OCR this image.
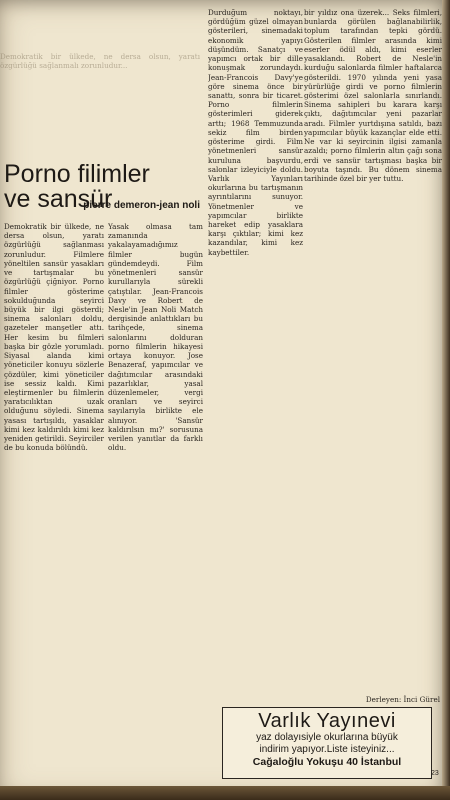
Demokratik bir ülkede, ne dersa olsun, yaratı özgürlüğü sağlanmalı zorunludur...
Porno filimler
ve sansür
pierre demeron-jean noli

Demokratik bir ülkede, ne dersa olsun, yaratı özgürlüğü sağlanması zorunludur. Filmlere yöneltilen sansür yasakları ve tartışmalar bu özgürlüğü çiğniyor. Porno filmler gösterime sokulduğunda seyirci büyük bir ilgi gösterdi; sinema salonları doldu, gazeteler manşetler attı. Her kesim bu filmleri başka bir gözle yorumladı. Siyasal alanda kimi yöneticiler konuyu sözlerle çözdüler, kimi yöneticiler ise sessiz kaldı. Kimi eleştirmenler bu filmlerin yaratıcılıktan uzak olduğunu söyledi. Sinema yasası tartışıldı, yasaklar kimi kez kaldırıldı kimi kez yeniden getirildi. Seyirciler de bu konuda bölündü.

Yasak olmasa tam zamanında yakalayamadığımız filmler bugün gündemdeydi. Film yönetmenleri sansür kurullarıyla sürekli çatıştılar. Jean-Francois Davy ve Robert de Nesle'in Jean Noli Match dergisinde anlattıkları bu tarihçede, sinema salonlarını dolduran porno filmlerin hikayesi ortaya konuyor. Jose Benazeraf, yapımcılar ve dağıtımcılar arasındaki pazarlıklar, yasal düzenlemeler, vergi oranları ve seyirci sayılarıyla birlikte ele alınıyor. 'Sansür kaldırılsın mı?' sorusuna verilen yanıtlar da farklı oldu.

Durduğum noktayı, gördüğüm güzel olmayan gösterileri, sinemadaki ekonomik yapıyı düşündüm. Sanatçı ve yapımcı ortak bir dille konuşmak zorundaydı. Jean-Francois Davy'ye göre sinema önce bir sanattı, sonra bir ticaret. Porno filmlerin gösterimleri giderek arttı; 1968 Temmuzunda sekiz film birden gösterime girdi. Film yönetmenleri sansür kuruluna başvurdu, salonlar izleyiciyle doldu. Varlık Yayınları okurlarına bu tartışmanın ayrıntılarını sunuyor. Yönetmenler ve yapımcılar birlikte hareket edip yasaklara karşı çıktılar; kimi kez kazandılar, kimi kez kaybettiler.

bir yıldız ona üzerek... Seks filmleri, bunlarda görülen bağlanabilirlik, toplum tarafından tepki gördü. Gösterilen filmler arasında kimi eserler ödül aldı, kimi eserler yasaklandı. Robert de Nesle'in kurduğu salonlarda filmler haftalarca gösterildi. 1970 yılında yeni yasa yürürlüğe girdi ve porno filmlerin gösterimi özel salonlarla sınırlandı. Sinema sahipleri bu karara karşı çıktı, dağıtımcılar yeni pazarlar aradı. Filmler yurtdışına satıldı, bazı yapımcılar büyük kazançlar elde etti. Ne var ki seyircinin ilgisi zamanla azaldı; porno filmlerin altın çağı sona erdi ve sansür tartışması başka bir boyuta taşındı. Bu dönem sinema tarihinde özel bir yer tuttu.

Derleyen: İnci Gürel
Varlık Yayınevi
yaz dolayısiyle okurlarına büyük
indirim yapıyor.Liste isteyiniz...
Cağaloğlu Yokuşu 40 İstanbul
23
